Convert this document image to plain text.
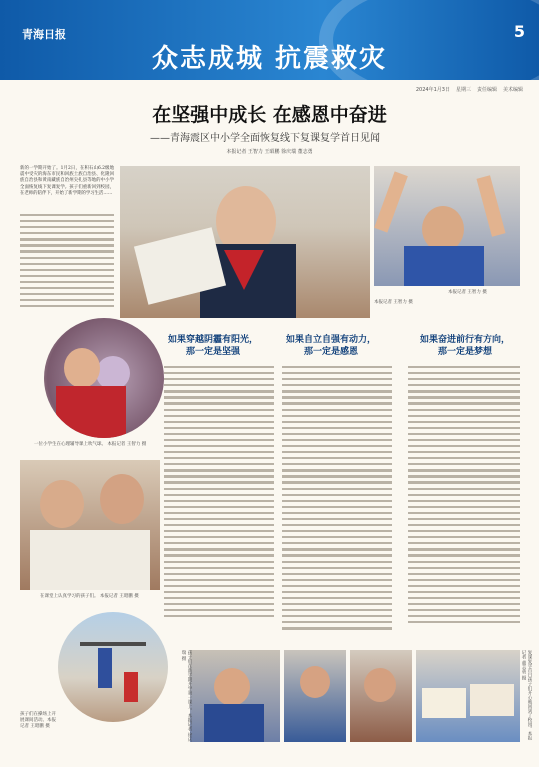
青海日报	5
众志成城 抗震救灾
2024年1月3日 星期三 责任编辑 美术编辑
在坚强中成长 在感恩中奋进
——青海震区中小学全面恢复线下复课复学首日见闻
本报记者 王智力 王昭鹏 徐庆瑞 董志勇
新的一学期开始了。1月2日，在积石山6.2级地震中受灾的海东市民和回族土族自治县、化隆回族自治县和黄南藏族自治州尖扎县等地的中小学全面恢复线下复课复学。孩子们重新回到校园，在老师的陪伴下，开始了新学期的学习生活……
本报记者 王智力 摄
本报记者 王智力 摄
一位小学生在心理辅导课上吹气球。 本报记者 王智力 摄
在课堂上认真学习的孩子们。 本报记者 王昭鹏 摄
孩子们在操场上开展课间活动。本报记者 王昭鹏 摄
如果穿越阴霾有阳光，
那一定是坚强
如果自立自强有动力，
那一定是感恩
如果奋进前行有方向，
那一定是梦想
孩子们在新学期开学第一课上。本报记者 徐庆瑞 摄	复课复学首日孩子们开心地回到了校园。本报记者 董志勇 摄
